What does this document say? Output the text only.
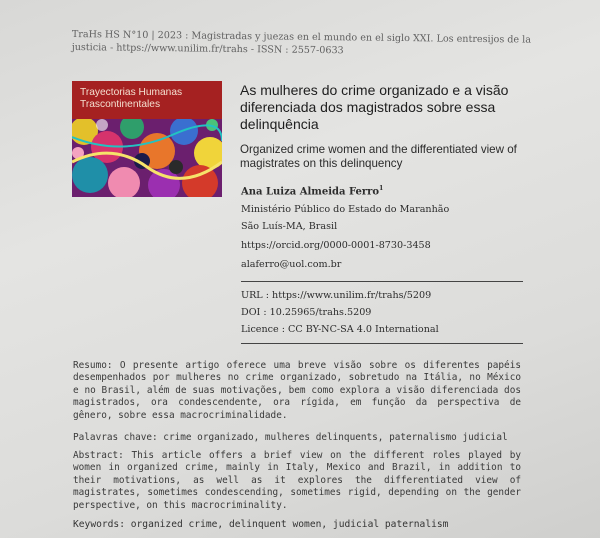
TraHs HS N°10 | 2023 : Magistradas y juezas en el mundo en el siglo XXI. Los entresijos de la justicia - https://www.unilim.fr/trahs - ISSN : 2557-0633
Trayectorias Humanas
Trascontinentales
As mulheres do crime organizado e a visão diferenciada dos magistrados sobre essa delinquência
Organized crime women and the differentiated view of magistrates on this delinquency
Ana Luiza Almeida Ferro$^1$
Ministério Público do Estado do Maranhão
São Luís-MA, Brasil
https://orcid.org/0000-0001-8730-3458
alaferro@uol.com.br
URL : https://www.unilim.fr/trahs/5209
DOI : 10.25965/trahs.5209
Licence : CC BY-NC-SA 4.0 International
Resumo: O presente artigo oferece uma breve visão sobre os diferentes papéis desempenhados por mulheres no crime organizado, sobretudo na Itália, no México e no Brasil, além de suas motivações, bem como explora a visão diferenciada dos magistrados, ora condescendente, ora rígida, em função da perspectiva de gênero, sobre essa macrocriminalidade.
Palavras chave: crime organizado, mulheres delinquents, paternalismo judicial
Abstract: This article offers a brief view on the different roles played by women in organized crime, mainly in Italy, Mexico and Brazil, in addition to their motivations, as well as it explores the differentiated view of magistrates, sometimes condescending, sometimes rigid, depending on the gender perspective, on this macrocriminality.
Keywords: organized crime, delinquent women, judicial paternalism
